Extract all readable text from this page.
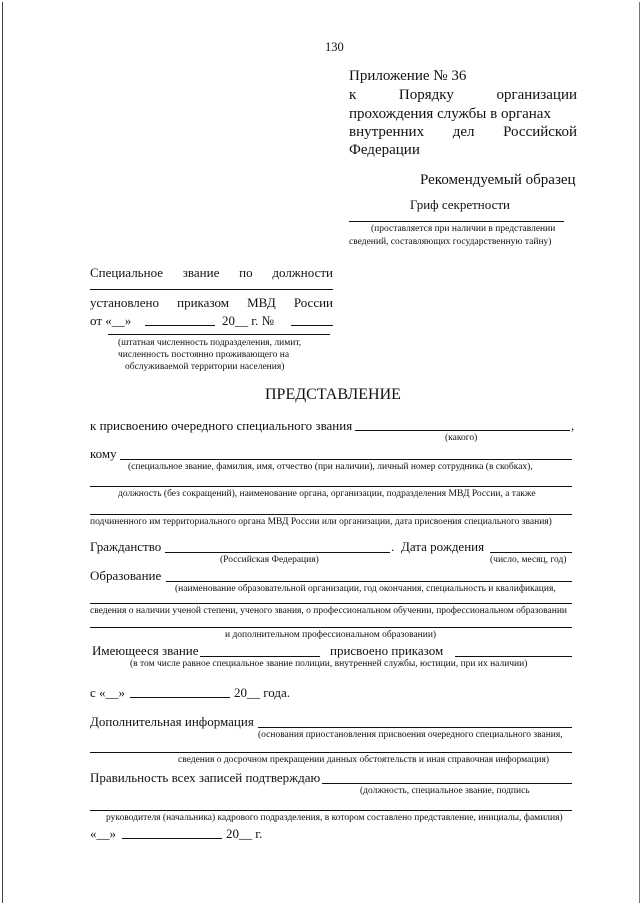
130
Приложение № 36
к	Порядку	организации
прохождения службы в органах
внутренних дел Российской
Федерации
Рекомендуемый образец
Гриф секретности
(проставляется при наличии в представлении
сведений, составляющих государственную тайну)
Специальное звание по должности
установлено приказом МВД России
от «__»	20__ г. №
(штатная численность подразделения, лимит,
численность постоянно проживающего на
обслуживаемой территории населения)
ПРЕДСТАВЛЕНИЕ
к присвоению очередного специального звания	,
(какого)
кому
(специальное звание, фамилия, имя, отчество (при наличии), личный номер сотрудника (в скобках),
должность (без сокращений), наименование органа, организации, подразделения МВД России, а также
подчиненного им территориального органа МВД России или организации, дата присвоения специального звания)
Гражданство	.
(Российская Федерация)
Дата рождения
(число, месяц, год)
Образование
(наименование образовательной организации, год окончания, специальность и квалификация,
сведения о наличии ученой степени, ученого звания, о профессиональном обучении, профессиональном образовании
и дополнительном профессиональном образовании)
Имеющееся звание	присвоено приказом
(в том числе равное специальное звание полиции, внутренней службы, юстиции, при их наличии)
с «__»	20__ года.
Дополнительная информация
(основания приостановления присвоения очередного специального звания,
сведения о досрочном прекращении данных обстоятельств и иная справочная информация)
Правильность всех записей подтверждаю
(должность, специальное звание, подпись
руководителя (начальника) кадрового подразделения, в котором составлено представление, инициалы, фамилия)
«__»	20__ г.
